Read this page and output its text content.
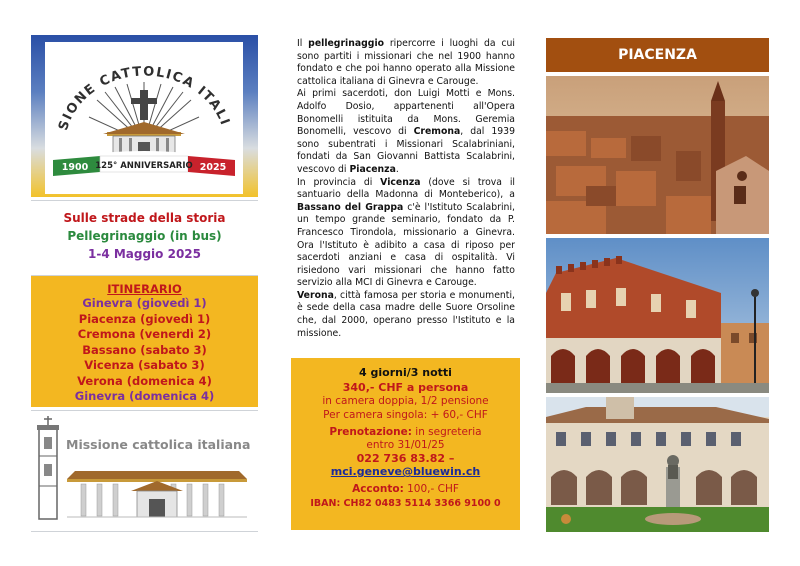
SIONE CATTOLICA ITALI
1900 125° ANNIVERSARIO 2025
Sulle strade della storia
Pellegrinaggio (in bus)
1-4 Maggio 2025
ITINERARIO
Ginevra (giovedì 1)
Piacenza (giovedì 1)
Cremona (venerdì 2)
Bassano (sabato 3)
Vicenza (sabato 3)
Verona (domenica 4)
Ginevra (domenica 4)
Missione cattolica italiana

Il pellegrinaggio ripercorre i luoghi da cui sono partiti i missionari che nel 1900 hanno fondato e che poi hanno operato alla Missione cattolica italiana di Ginevra e Carouge.

Ai primi sacerdoti, don Luigi Motti e Mons. Adolfo Dosio, appartenenti all'Opera Bonomelli istituita da Mons. Geremia Bonomelli, vescovo di Cremona, dal 1939 sono subentrati i Missionari Scalabriniani, fondati da San Giovanni Battista Scalabrini, vescovo di Piacenza.

In provincia di Vicenza (dove si trova il santuario della Madonna di Monteberico), a Bassano del Grappa c'è l'Istituto Scalabrini, un tempo grande seminario, fondato da P. Francesco Tirondola, missionario a Ginevra. Ora l'Istituto è adibito a casa di riposo per sacerdoti anziani e casa di ospitalità. Vi risiedono vari missionari che hanno fatto servizio alla MCI di Ginevra e Carouge.

Verona, città famosa per storia e monumenti, è sede della casa madre delle Suore Orsoline che, dal 2000, operano presso l'Istituto e la missione.

4 giorni/3 notti
340,- CHF a persona
in camera doppia, 1/2 pensione
Per camera singola: + 60,- CHF
Prenotazione: in segreteria
entro 31/01/25
022 736 83.82 –
mci.geneve@bluewin.ch
Acconto: 100,- CHF
IBAN: CH82 0483 5114 3366 9100 0
PIACENZA
